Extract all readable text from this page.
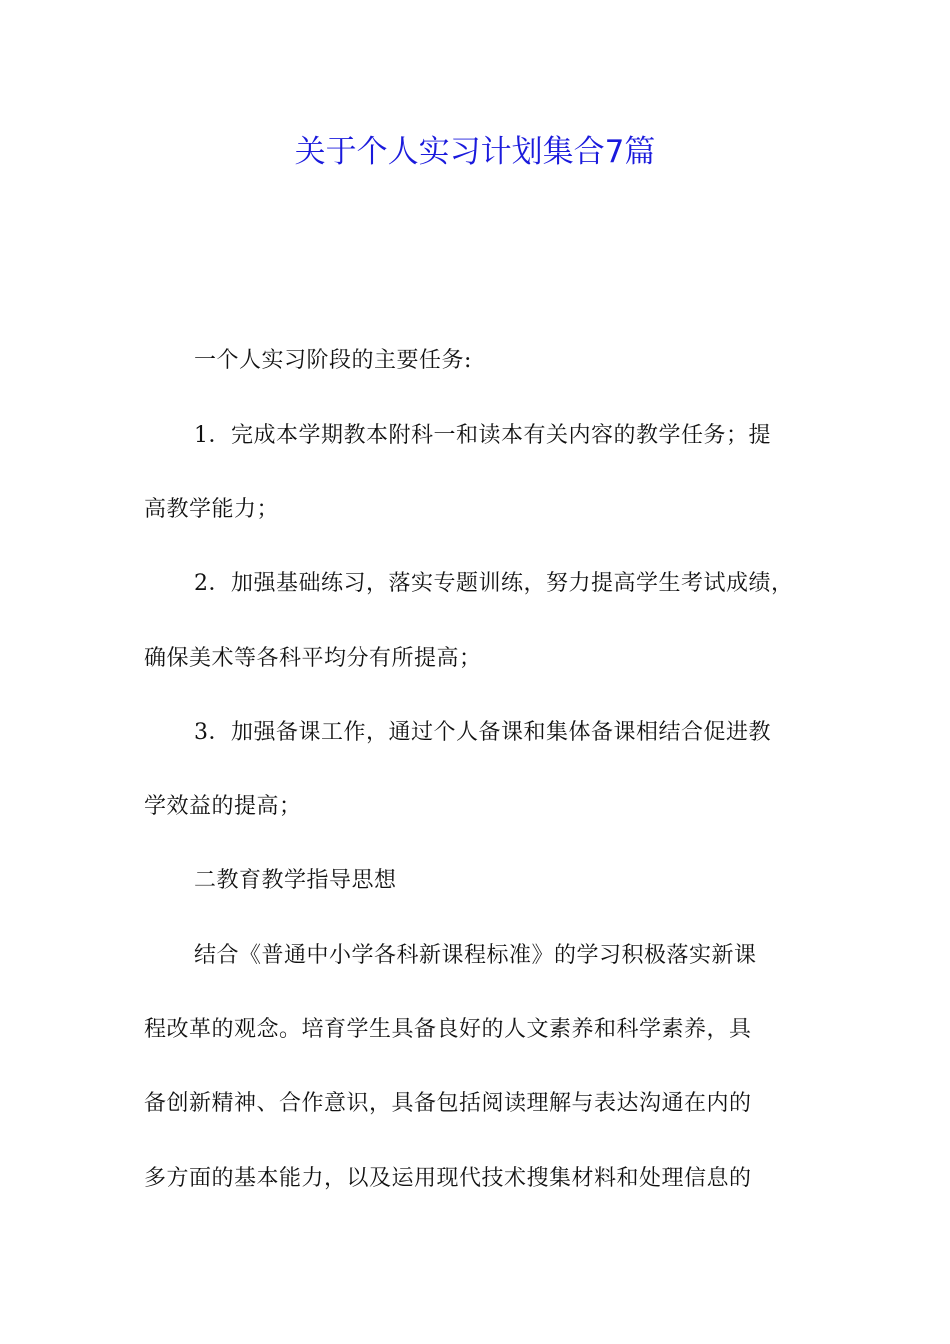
关于个人实习计划集合7篇
一个人实习阶段的主要任务:
1．完成本学期教本附科一和读本有关内容的教学任务；提
高教学能力；
2．加强基础练习，落实专题训练，努力提高学生考试成绩，
确保美术等各科平均分有所提高；
3．加强备课工作，通过个人备课和集体备课相结合促进教
学效益的提高；
二教育教学指导思想
结合《普通中小学各科新课程标准》的学习积极落实新课
程改革的观念。培育学生具备良好的人文素养和科学素养，具
备创新精神、合作意识，具备包括阅读理解与表达沟通在内的
多方面的基本能力，以及运用现代技术搜集材料和处理信息的
